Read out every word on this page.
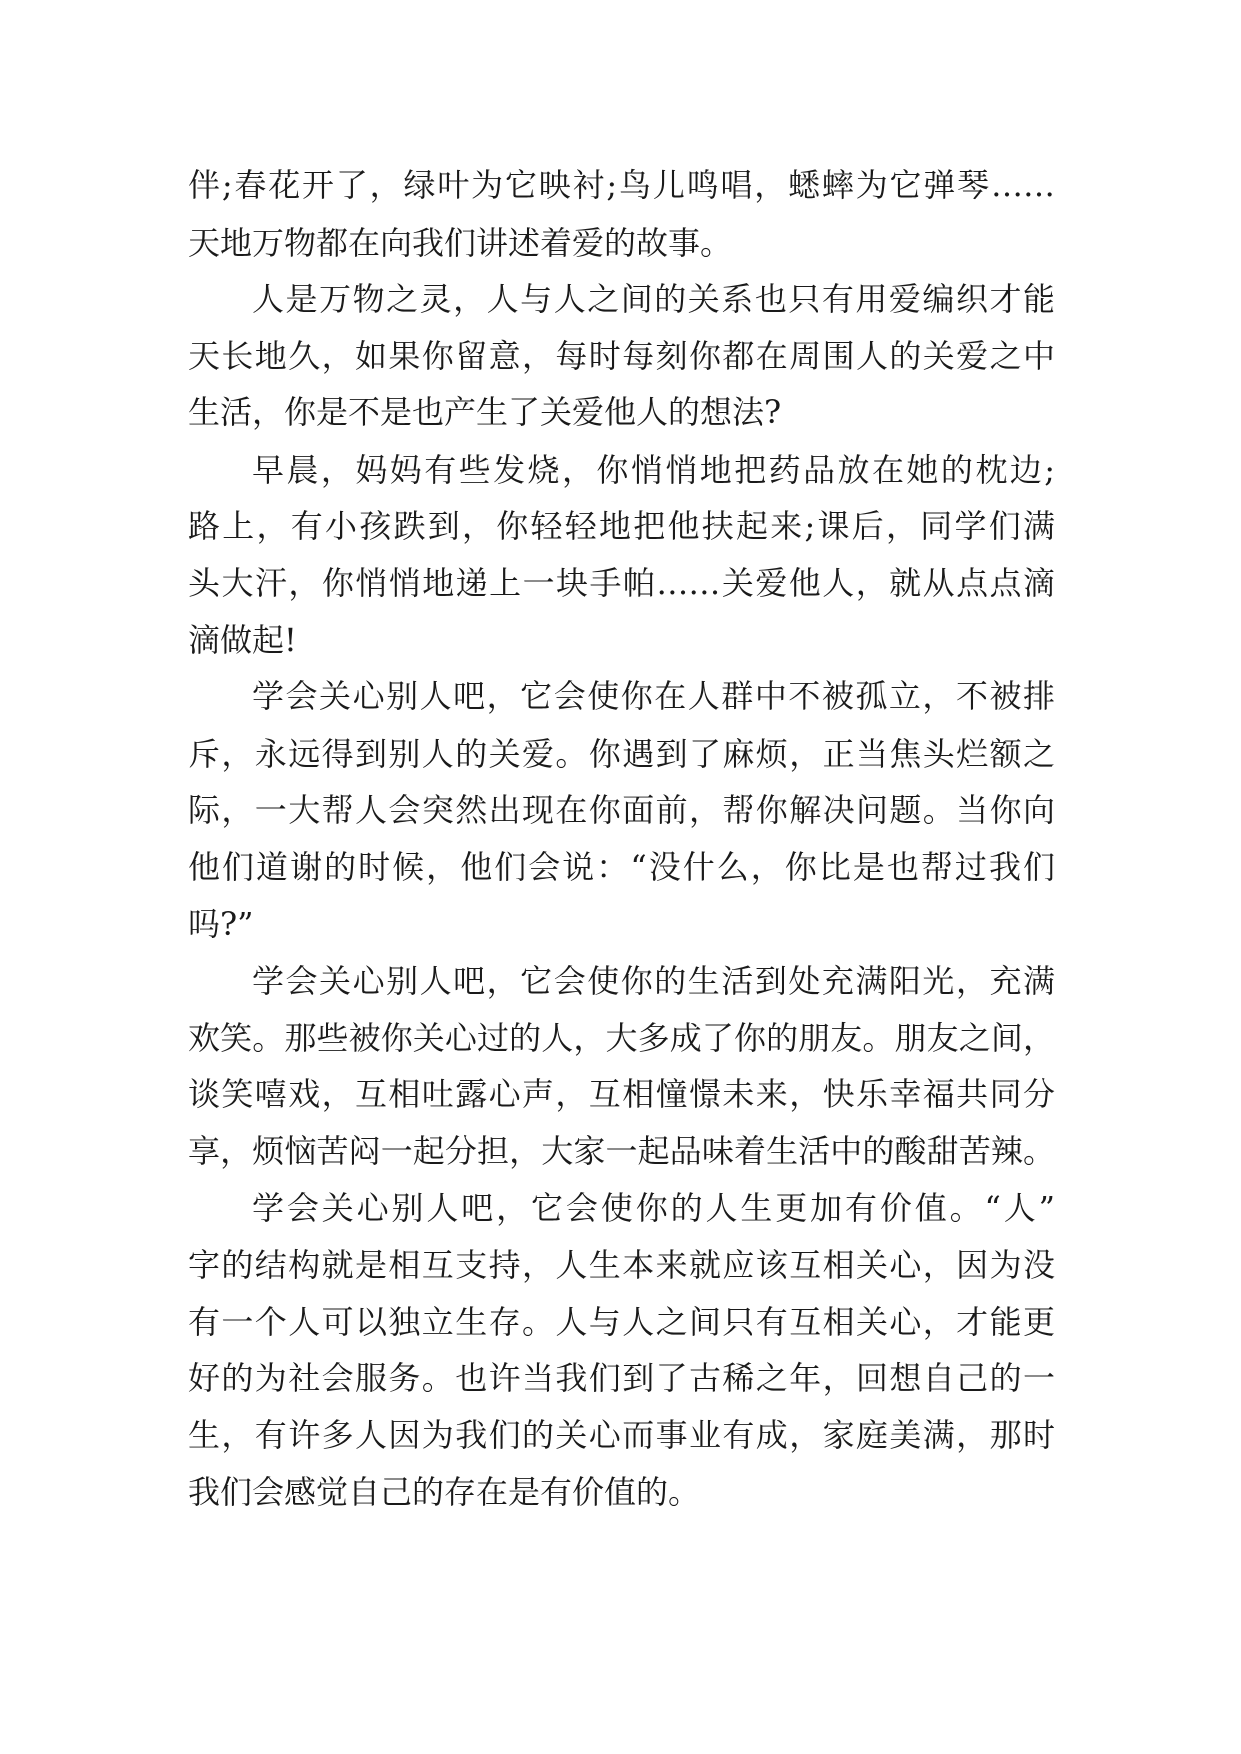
伴;春花开了，绿叶为它映衬;鸟儿鸣唱，蟋蟀为它弹琴……
天地万物都在向我们讲述着爱的故事。
人是万物之灵，人与人之间的关系也只有用爱编织才能
天长地久，如果你留意，每时每刻你都在周围人的关爱之中
生活，你是不是也产生了关爱他人的想法?
早晨，妈妈有些发烧，你悄悄地把药品放在她的枕边;
路上，有小孩跌到，你轻轻地把他扶起来;课后，同学们满
头大汗，你悄悄地递上一块手帕……关爱他人，就从点点滴
滴做起!
学会关心别人吧，它会使你在人群中不被孤立，不被排
斥，永远得到别人的关爱。你遇到了麻烦，正当焦头烂额之
际，一大帮人会突然出现在你面前，帮你解决问题。当你向
他们道谢的时候，他们会说：“没什么，你比是也帮过我们
吗?”
学会关心别人吧，它会使你的生活到处充满阳光，充满
欢笑。那些被你关心过的人，大多成了你的朋友。朋友之间，
谈笑嘻戏，互相吐露心声，互相憧憬未来，快乐幸福共同分
享，烦恼苦闷一起分担，大家一起品味着生活中的酸甜苦辣。
学会关心别人吧，它会使你的人生更加有价值。“人”
字的结构就是相互支持，人生本来就应该互相关心，因为没
有一个人可以独立生存。人与人之间只有互相关心，才能更
好的为社会服务。也许当我们到了古稀之年，回想自己的一
生，有许多人因为我们的关心而事业有成，家庭美满，那时
我们会感觉自己的存在是有价值的。
